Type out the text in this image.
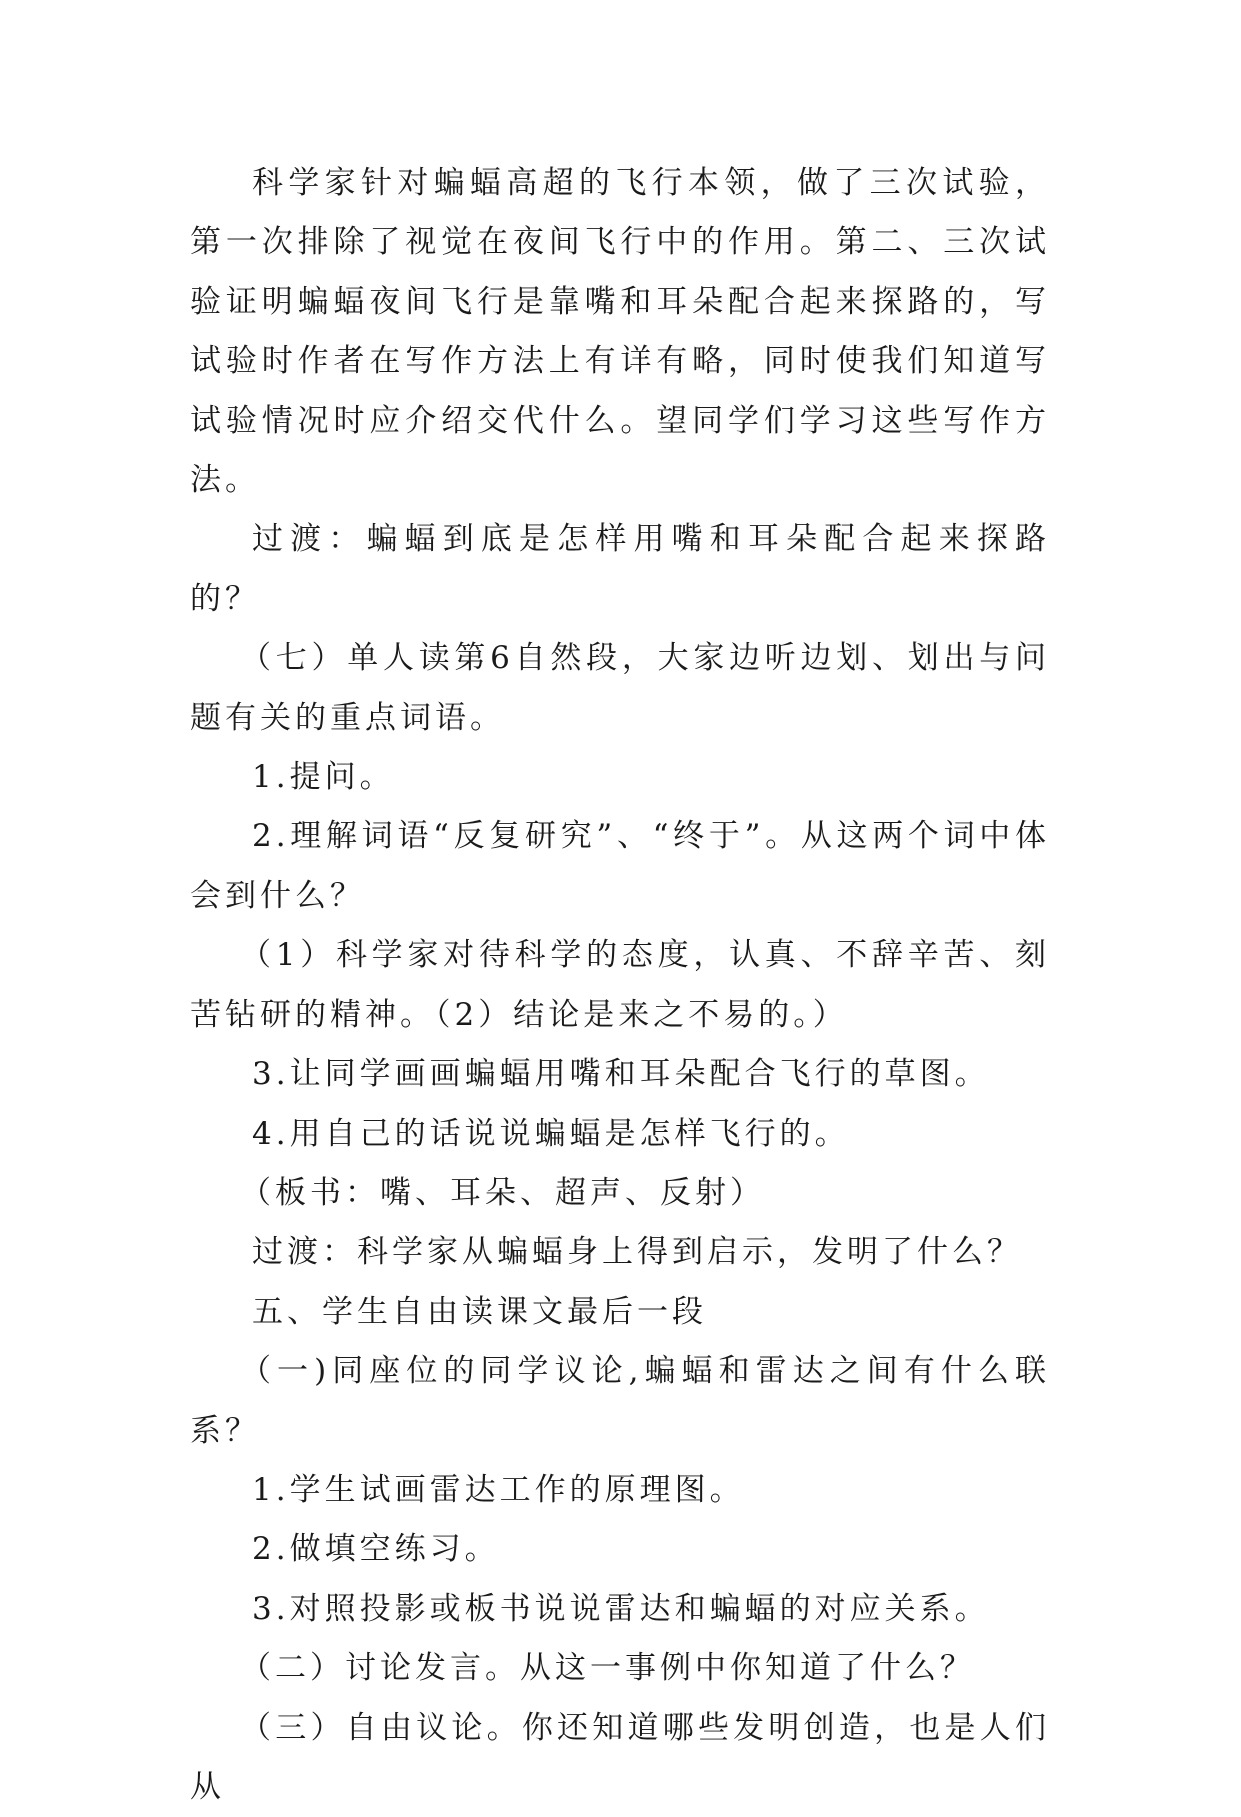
科学家针对蝙蝠高超的飞行本领，做了三次试验，第一次排除了视觉在夜间飞行中的作用。第二、三次试验证明蝙蝠夜间飞行是靠嘴和耳朵配合起来探路的，写试验时作者在写作方法上有详有略，同时使我们知道写试验情况时应介绍交代什么。望同学们学习这些写作方法。

过渡：蝙蝠到底是怎样用嘴和耳朵配合起来探路的？

（七）单人读第6自然段，大家边听边划、划出与问题有关的重点词语。

1.提问。

2.理解词语“反复研究”、“终于”。从这两个词中体会到什么？

（1）科学家对待科学的态度，认真、不辞辛苦、刻苦钻研的精神。（2）结论是来之不易的。）

3.让同学画画蝙蝠用嘴和耳朵配合飞行的草图。

4.用自己的话说说蝙蝠是怎样飞行的。

（板书：嘴、耳朵、超声、反射）

过渡：科学家从蝙蝠身上得到启示，发明了什么？

五、学生自由读课文最后一段

（一)同座位的同学议论,蝙蝠和雷达之间有什么联系？

1.学生试画雷达工作的原理图。

2.做填空练习。

3.对照投影或板书说说雷达和蝙蝠的对应关系。

（二）讨论发言。从这一事例中你知道了什么？

（三）自由议论。你还知道哪些发明创造，也是人们从
